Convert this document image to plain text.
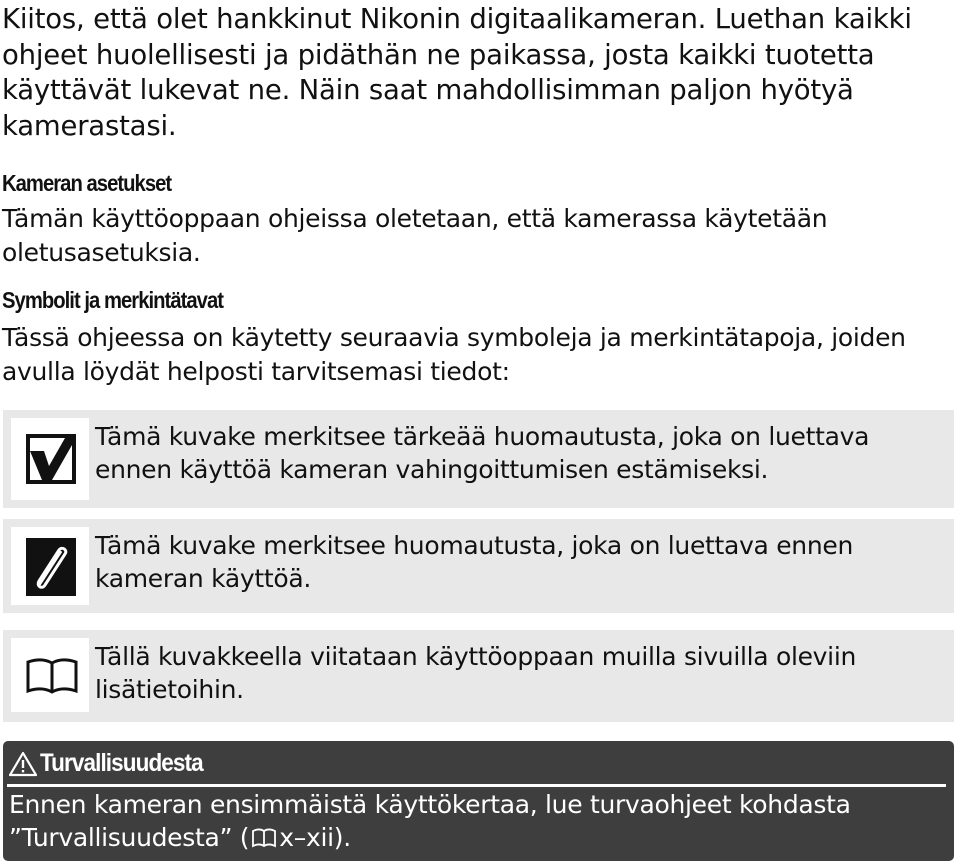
Kiitos, että olet hankkinut Nikonin digitaalikameran. Luethan kaikki ohjeet huolellisesti ja pidäthän ne paikassa, josta kaikki tuotetta käyttävät lukevat ne. Näin saat mahdollisimman paljon hyötyä kamerastasi.
Kameran asetukset
Tämän käyttöoppaan ohjeissa oletetaan, että kamerassa käytetään oletusasetuksia.
Symbolit ja merkintätavat
Tässä ohjeessa on käytetty seuraavia symboleja ja merkintätapoja, joiden avulla löydät helposti tarvitsemasi tiedot:
Tämä kuvake merkitsee tärkeää huomautusta, joka on luettava ennen käyttöä kameran vahingoittumisen estämiseksi.
Tämä kuvake merkitsee huomautusta, joka on luettava ennen kameran käyttöä.
Tällä kuvakkeella viitataan käyttöoppaan muilla sivuilla oleviin lisätietoihin.
Turvallisuudesta
Ennen kameran ensimmäistä käyttökertaa, lue turvaohjeet kohdasta ”Turvallisuudesta” ( x–xii).
